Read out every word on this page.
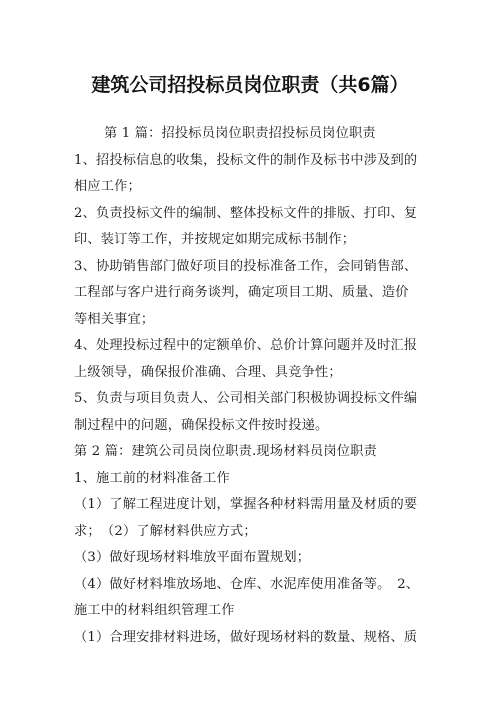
建筑公司招投标员岗位职责（共6篇）
第 1 篇：招投标员岗位职责招投标员岗位职责
1、招投标信息的收集，投标文件的制作及标书中涉及到的
相应工作；
2、负责投标文件的编制、整体投标文件的排版、打印、复
印、装订等工作，并按规定如期完成标书制作；
3、协助销售部门做好项目的投标准备工作，会同销售部、
工程部与客户进行商务谈判，确定项目工期、质量、造价
等相关事宜；
4、处理投标过程中的定额单价、总价计算问题并及时汇报
上级领导，确保报价准确、合理、具竞争性；
5、负责与项目负责人、公司相关部门积极协调投标文件编
制过程中的问题，确保投标文件按时投递。
第 2 篇：建筑公司员岗位职责.现场材料员岗位职责
1、施工前的材料准备工作
（1）了解工程进度计划，掌握各种材料需用量及材质的要
求；　（2）了解材料供应方式；
（3）做好现场材料堆放平面布置规划；
（4）做好材料堆放场地、仓库、水泥库使用准备等。　2、
施工中的材料组织管理工作
（1）合理安排材料进场，做好现场材料的数量、规格、质
